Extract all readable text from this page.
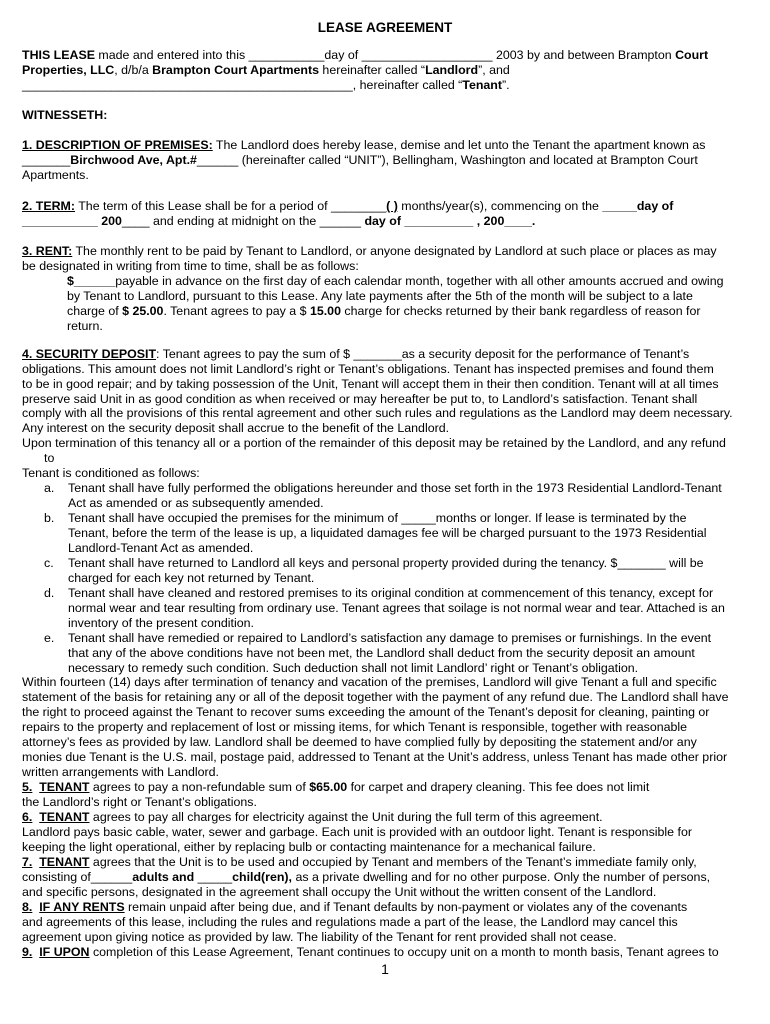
LEASE AGREEMENT
THIS LEASE made and entered into this ___________day of ___________________ 2003 by and between Brampton Court
Properties, LLC, d/b/a Brampton Court Apartments hereinafter called “Landlord”, and
________________________________________________, hereinafter called “Tenant”.
WITNESSETH:
1. DESCRIPTION OF PREMISES: The Landlord does hereby lease, demise and let unto the Tenant the apartment known as
_______Birchwood Ave, Apt.#______ (hereinafter called “UNIT”), Bellingham, Washington and located at Brampton Court
Apartments.
2. TERM: The term of this Lease shall be for a period of ________( ) months/year(s), commencing on the _____day of
___________ 200____ and ending at midnight on the ______ day of __________ , 200____.
3. RENT: The monthly rent to be paid by Tenant to Landlord, or anyone designated by Landlord at such place or places as may
be designated in writing from time to time, shall be as follows:
$______payable in advance on the first day of each calendar month, together with all other amounts accrued and owing
by Tenant to Landlord, pursuant to this Lease. Any late payments after the 5th of the month will be subject to a late
charge of $ 25.00. Tenant agrees to pay a $ 15.00 charge for checks returned by their bank regardless of reason for
return.
4. SECURITY DEPOSIT: Tenant agrees to pay the sum of $ _______as a security deposit for the performance of Tenant’s
obligations. This amount does not limit Landlord’s right or Tenant’s obligations. Tenant has inspected premises and found them
to be in good repair; and by taking possession of the Unit, Tenant will accept them in their then condition. Tenant will at all times
preserve said Unit in as good condition as when received or may hereafter be put to, to Landlord’s satisfaction. Tenant shall
comply with all the provisions of this rental agreement and other such rules and regulations as the Landlord may deem necessary.
Any interest on the security deposit shall accrue to the benefit of the Landlord.
Upon termination of this tenancy all or a portion of the remainder of this deposit may be retained by the Landlord, and any refund
to
Tenant is conditioned as follows:
a. Tenant shall have fully performed the obligations hereunder and those set forth in the 1973 Residential Landlord-Tenant
Act as amended or as subsequently amended.
b. Tenant shall have occupied the premises for the minimum of _____months or longer. If lease is terminated by the
Tenant, before the term of the lease is up, a liquidated damages fee will be charged pursuant to the 1973 Residential
Landlord-Tenant Act as amended.
c. Tenant shall have returned to Landlord all keys and personal property provided during the tenancy. $_______ will be
charged for each key not returned by Tenant.
d. Tenant shall have cleaned and restored premises to its original condition at commencement of this tenancy, except for
normal wear and tear resulting from ordinary use. Tenant agrees that soilage is not normal wear and tear. Attached is an
inventory of the present condition.
e. Tenant shall have remedied or repaired to Landlord’s satisfaction any damage to premises or furnishings. In the event
that any of the above conditions have not been met, the Landlord shall deduct from the security deposit an amount
necessary to remedy such condition. Such deduction shall not limit Landlord’ right or Tenant’s obligation.
Within fourteen (14) days after termination of tenancy and vacation of the premises, Landlord will give Tenant a full and specific
statement of the basis for retaining any or all of the deposit together with the payment of any refund due. The Landlord shall have
the right to proceed against the Tenant to recover sums exceeding the amount of the Tenant’s deposit for cleaning, painting or
repairs to the property and replacement of lost or missing items, for which Tenant is responsible, together with reasonable
attorney’s fees as provided by law. Landlord shall be deemed to have complied fully by depositing the statement and/or any
monies due Tenant is the U.S. mail, postage paid, addressed to Tenant at the Unit’s address, unless Tenant has made other prior
written arrangements with Landlord.
5. TENANT agrees to pay a non-refundable sum of $65.00 for carpet and drapery cleaning. This fee does not limit
the Landlord’s right or Tenant’s obligations.
6. TENANT agrees to pay all charges for electricity against the Unit during the full term of this agreement.
Landlord pays basic cable, water, sewer and garbage. Each unit is provided with an outdoor light. Tenant is responsible for
keeping the light operational, either by replacing bulb or contacting maintenance for a mechanical failure.
7. TENANT agrees that the Unit is to be used and occupied by Tenant and members of the Tenant’s immediate family only,
consisting of______adults and _____child(ren), as a private dwelling and for no other purpose. Only the number of persons,
and specific persons, designated in the agreement shall occupy the Unit without the written consent of the Landlord.
8. IF ANY RENTS remain unpaid after being due, and if Tenant defaults by non-payment or violates any of the covenants
and agreements of this lease, including the rules and regulations made a part of the lease, the Landlord may cancel this
agreement upon giving notice as provided by law. The liability of the Tenant for rent provided shall not cease.
9. IF UPON completion of this Lease Agreement, Tenant continues to occupy unit on a month to month basis, Tenant agrees to
1
